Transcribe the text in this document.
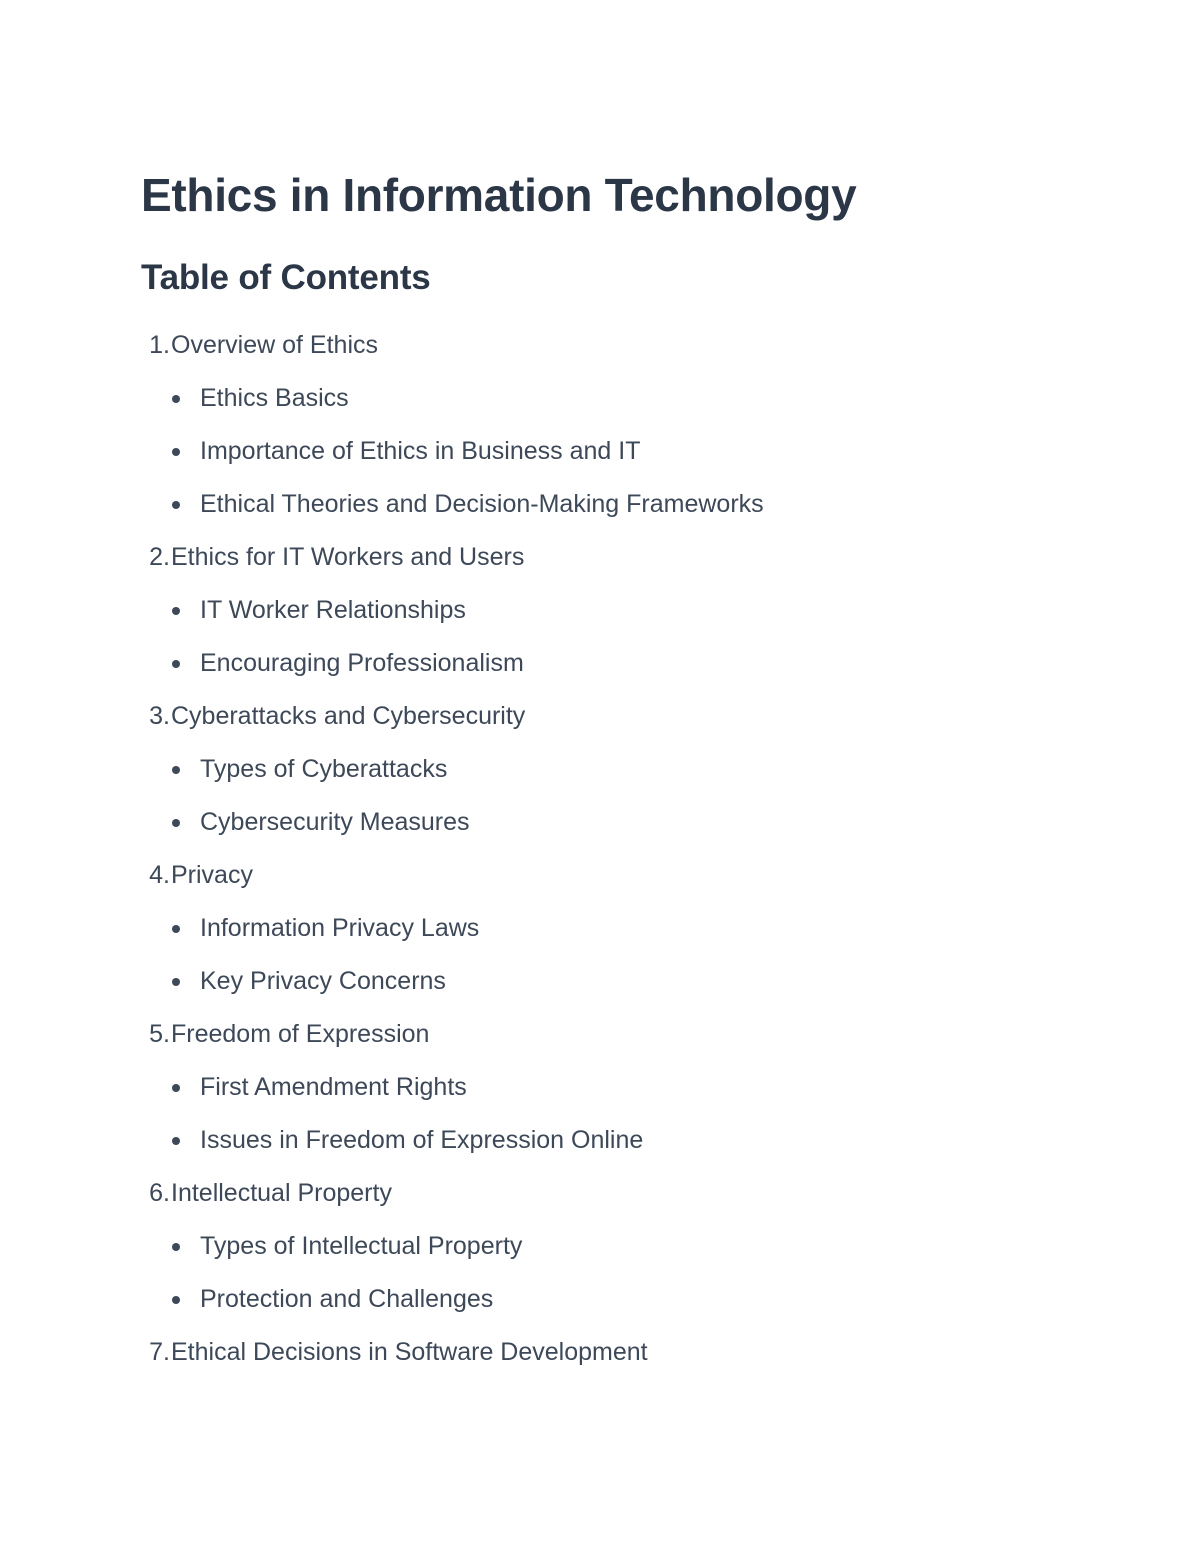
Ethics in Information Technology
Table of Contents
1. Overview of Ethics
Ethics Basics
Importance of Ethics in Business and IT
Ethical Theories and Decision-Making Frameworks
2. Ethics for IT Workers and Users
IT Worker Relationships
Encouraging Professionalism
3. Cyberattacks and Cybersecurity
Types of Cyberattacks
Cybersecurity Measures
4. Privacy
Information Privacy Laws
Key Privacy Concerns
5. Freedom of Expression
First Amendment Rights
Issues in Freedom of Expression Online
6. Intellectual Property
Types of Intellectual Property
Protection and Challenges
7. Ethical Decisions in Software Development
